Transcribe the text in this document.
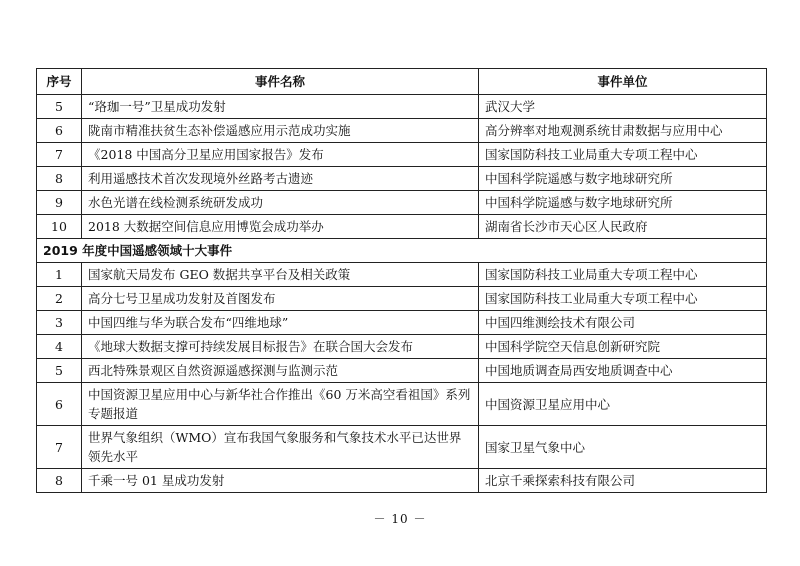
序号	事件名称	事件单位
5	“珞珈一号”卫星成功发射	武汉大学
6	陇南市精准扶贫生态补偿遥感应用示范成功实施	高分辨率对地观测系统甘肃数据与应用中心
7	《2018 中国高分卫星应用国家报告》发布	国家国防科技工业局重大专项工程中心
8	利用遥感技术首次发现境外丝路考古遗迹	中国科学院遥感与数字地球研究所
9	水色光谱在线检测系统研发成功	中国科学院遥感与数字地球研究所
10	2018 大数据空间信息应用博览会成功举办	湖南省长沙市天心区人民政府
2019 年度中国遥感领域十大事件		
1	国家航天局发布 GEO 数据共享平台及相关政策	国家国防科技工业局重大专项工程中心
2	高分七号卫星成功发射及首图发布	国家国防科技工业局重大专项工程中心
3	中国四维与华为联合发布“四维地球”	中国四维测绘技术有限公司
4	《地球大数据支撑可持续发展目标报告》在联合国大会发布	中国科学院空天信息创新研究院
5	西北特殊景观区自然资源遥感探测与监测示范	中国地质调查局西安地质调查中心
6	中国资源卫星应用中心与新华社合作推出《60 万米高空看祖国》系列专题报道	中国资源卫星应用中心
7	世界气象组织（WMO）宣布我国气象服务和气象技术水平已达世界领先水平	国家卫星气象中心
8	千乘一号 01 星成功发射	北京千乘探索科技有限公司
－ 10 －
